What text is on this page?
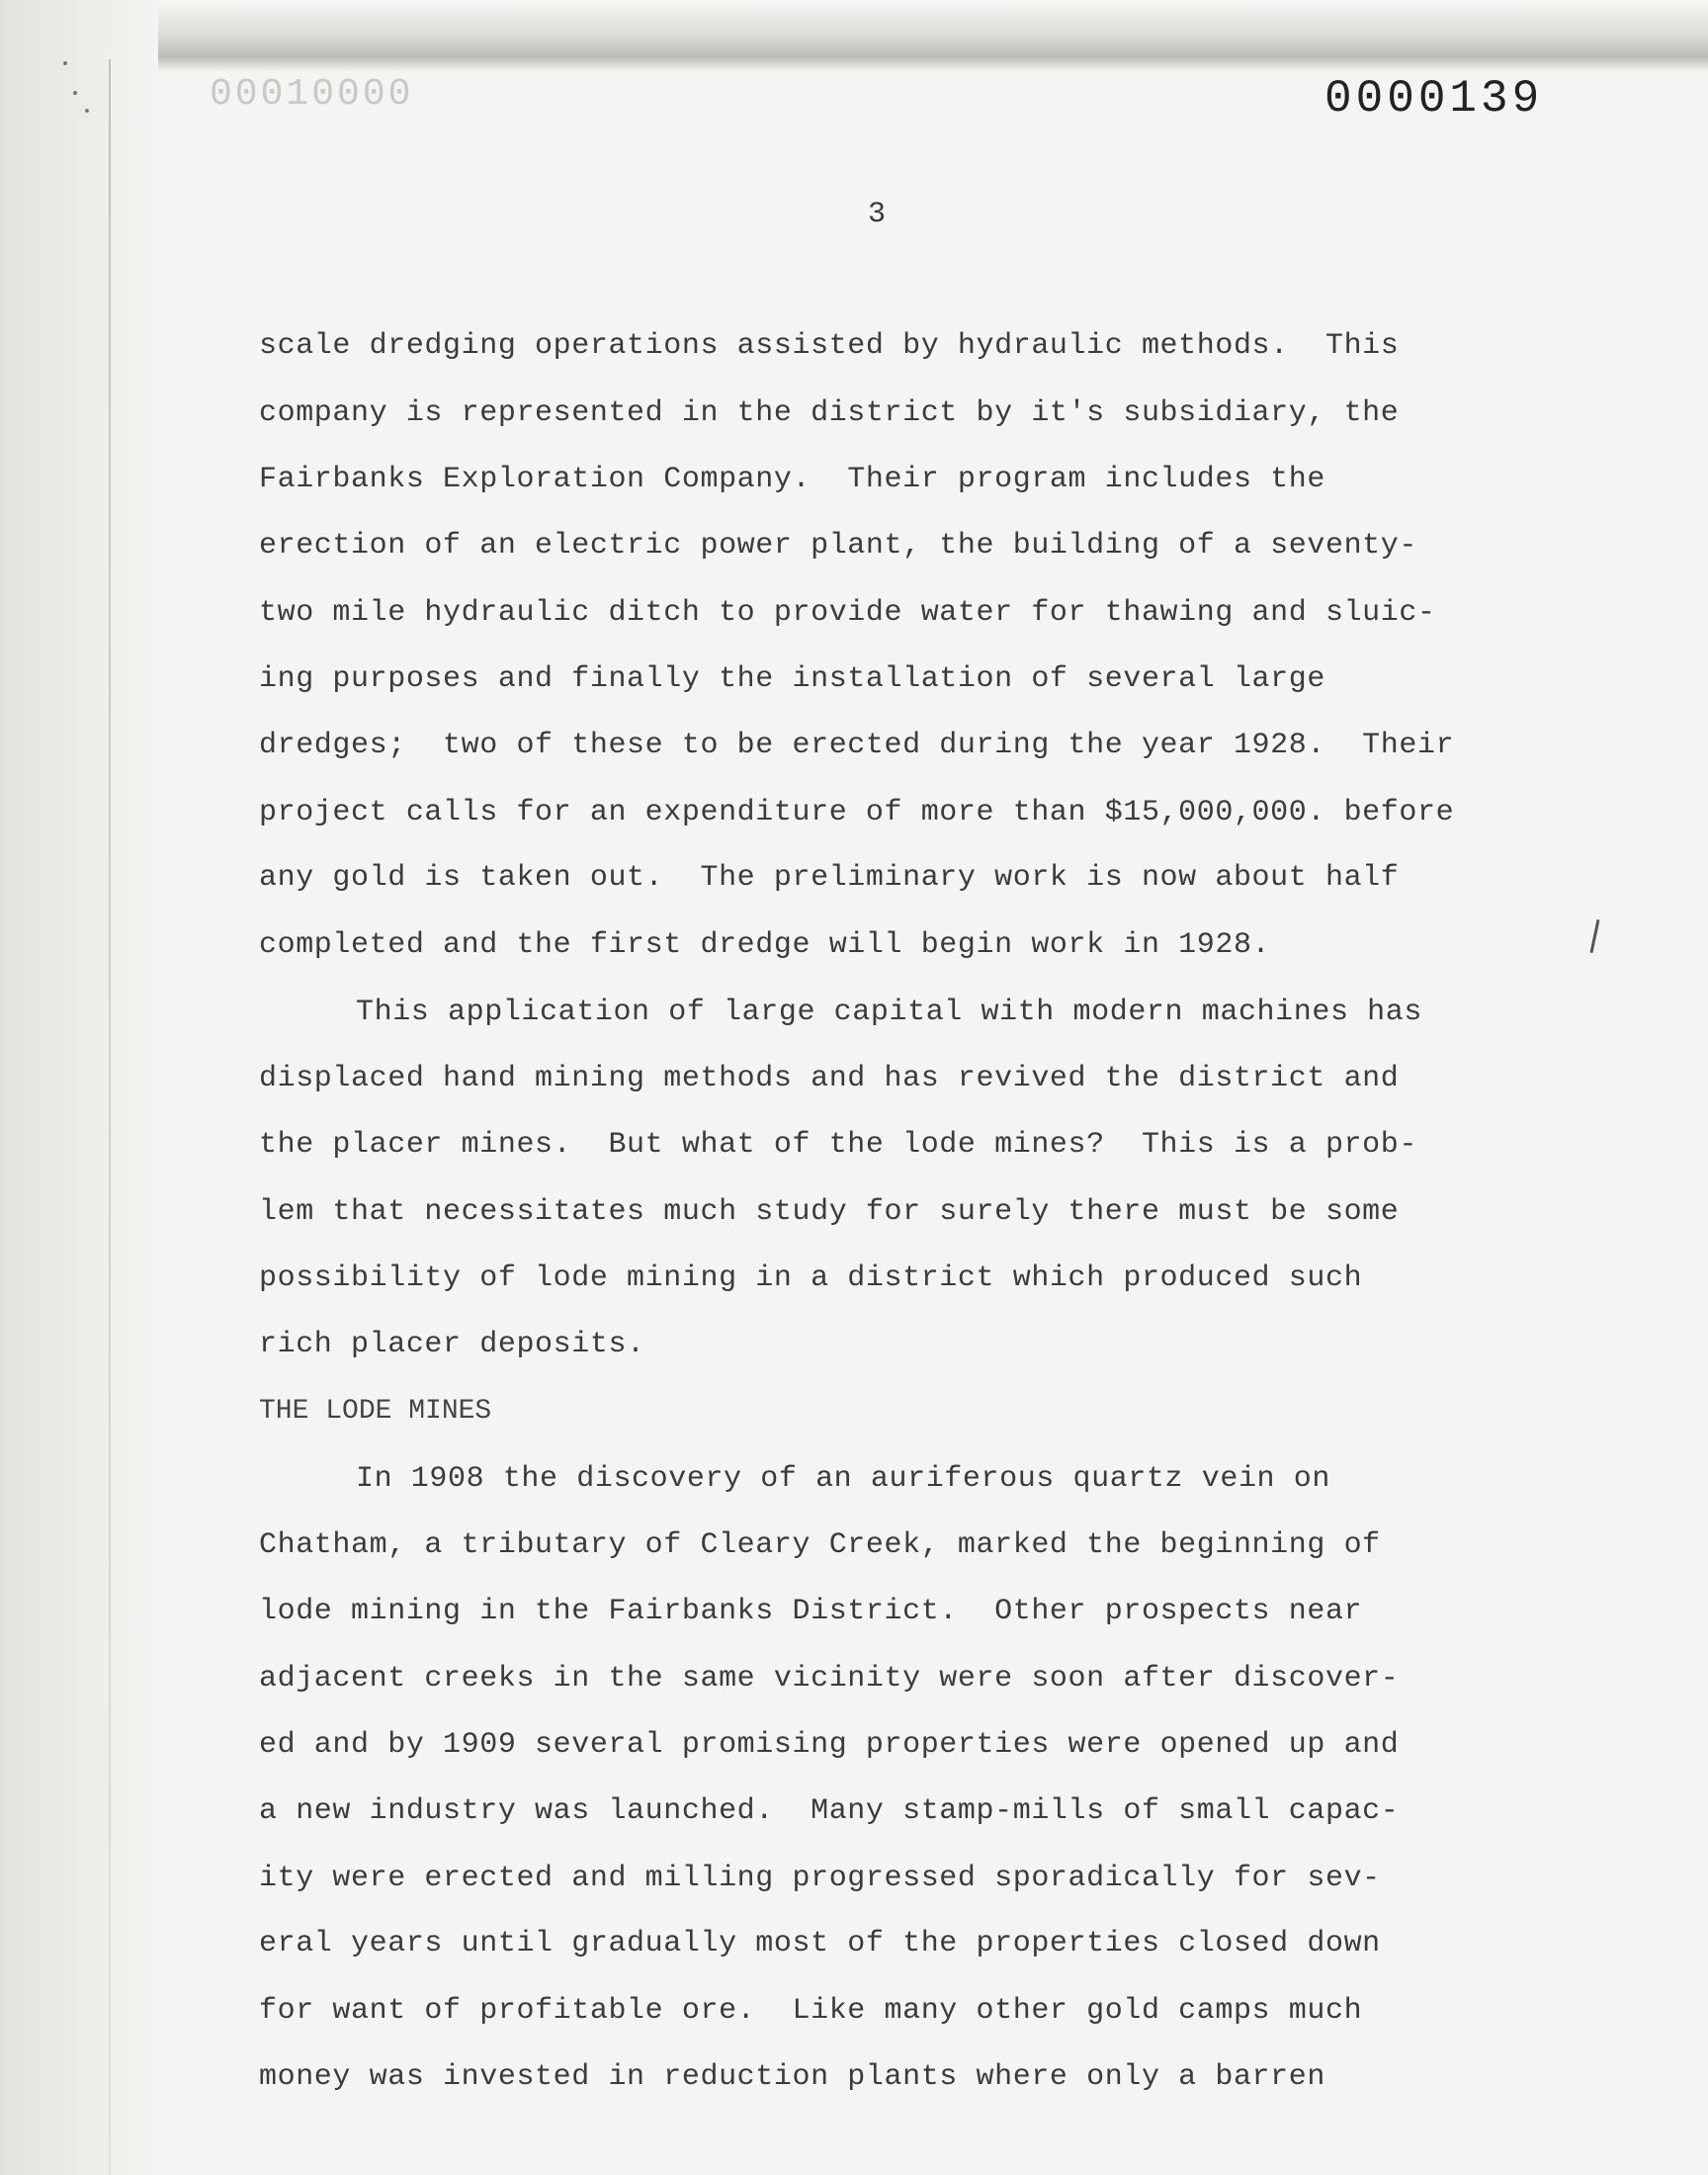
00010000	0000139
3
scale dredging operations assisted by hydraulic methods.  This
company is represented in the district by it's subsidiary, the
Fairbanks Exploration Company.  Their program includes the
erection of an electric power plant, the building of a seventy-
two mile hydraulic ditch to provide water for thawing and sluic-
ing purposes and finally the installation of several large
dredges;  two of these to be erected during the year 1928.  Their
project calls for an expenditure of more than $15,000,000. before
any gold is taken out.  The preliminary work is now about half
completed and the first dredge will begin work in 1928.
This application of large capital with modern machines has
displaced hand mining methods and has revived the district and
the placer mines.  But what of the lode mines?  This is a prob-
lem that necessitates much study for surely there must be some
possibility of lode mining in a district which produced such
rich placer deposits.
THE LODE MINES
In 1908 the discovery of an auriferous quartz vein on
Chatham, a tributary of Cleary Creek, marked the beginning of
lode mining in the Fairbanks District.  Other prospects near
adjacent creeks in the same vicinity were soon after discover-
ed and by 1909 several promising properties were opened up and
a new industry was launched.  Many stamp-mills of small capac-
ity were erected and milling progressed sporadically for sev-
eral years until gradually most of the properties closed down
for want of profitable ore.  Like many other gold camps much
money was invested in reduction plants where only a barren
